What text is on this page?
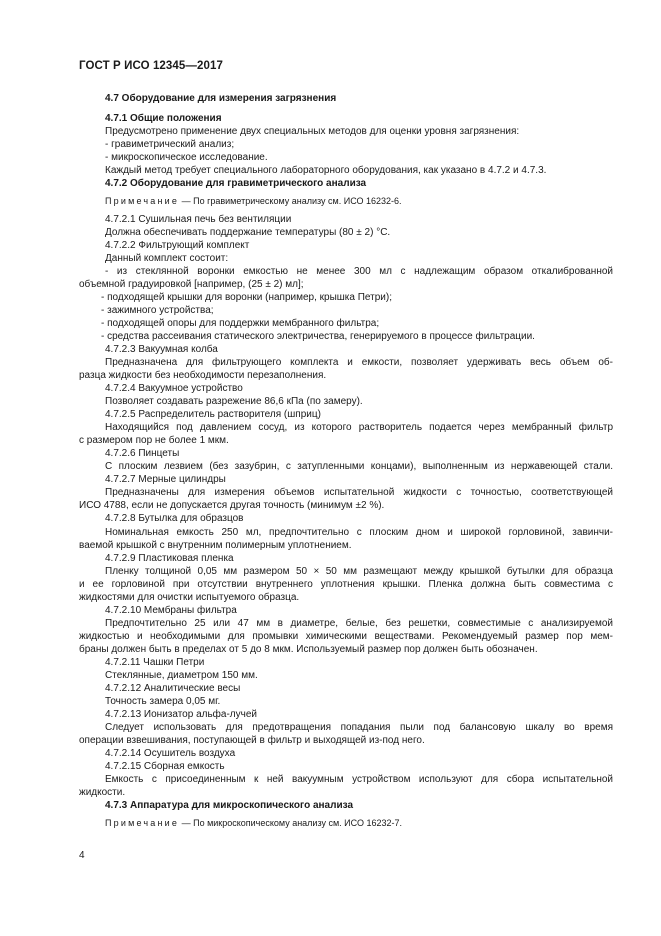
ГОСТ Р ИСО 12345—2017
4.7 Оборудование для измерения загрязнения
4.7.1 Общие положения
Предусмотрено применение двух специальных методов для оценки уровня загрязнения:
- гравиметрический анализ;
- микроскопическое исследование.
Каждый метод требует специального лабораторного оборудования, как указано в 4.7.2 и 4.7.3.
4.7.2 Оборудование для гравиметрического анализа
Примечание — По гравиметрическому анализу см. ИСО 16232-6.
4.7.2.1 Сушильная печь без вентиляции
Должна обеспечивать поддержание температуры (80 ± 2) °С.
4.7.2.2 Фильтрующий комплект
Данный комплект состоит:
- из стеклянной воронки емкостью не менее 300 мл с надлежащим образом откалиброванной
объемной градуировкой [например, (25 ± 2) мл];
- подходящей крышки для воронки (например, крышка Петри);
- зажимного устройства;
- подходящей опоры для поддержки мембранного фильтра;
- средства рассеивания статического электричества, генерируемого в процессе фильтрации.
4.7.2.3 Вакуумная колба
Предназначена для фильтрующего комплекта и емкости, позволяет удерживать весь объем об-
разца жидкости без необходимости перезаполнения.
4.7.2.4 Вакуумное устройство
Позволяет создавать разрежение 86,6 кПа (по замеру).
4.7.2.5 Распределитель растворителя (шприц)
Находящийся под давлением сосуд, из которого растворитель подается через мембранный фильтр
с размером пор не более 1 мкм.
4.7.2.6 Пинцеты
С плоским лезвием (без зазубрин, с затупленными концами), выполненным из нержавеющей стали.
4.7.2.7 Мерные цилиндры
Предназначены для измерения объемов испытательной жидкости с точностью, соответствующей
ИСО 4788, если не допускается другая точность (минимум ±2 %).
4.7.2.8 Бутылка для образцов
Номинальная емкость 250 мл, предпочтительно с плоским дном и широкой горловиной, завинчи-
ваемой крышкой с внутренним полимерным уплотнением.
4.7.2.9 Пластиковая пленка
Пленку толщиной 0,05 мм размером 50 × 50 мм размещают между крышкой бутылки для образца
и ее горловиной при отсутствии внутреннего уплотнения крышки. Пленка должна быть совместима с
жидкостями для очистки испытуемого образца.
4.7.2.10 Мембраны фильтра
Предпочтительно 25 или 47 мм в диаметре, белые, без решетки, совместимые с анализируемой
жидкостью и необходимыми для промывки химическими веществами. Рекомендуемый размер пор мем-
браны должен быть в пределах от 5 до 8 мкм. Используемый размер пор должен быть обозначен.
4.7.2.11 Чашки Петри
Стеклянные, диаметром 150 мм.
4.7.2.12 Аналитические весы
Точность замера 0,05 мг.
4.7.2.13 Ионизатор альфа-лучей
Следует использовать для предотвращения попадания пыли под балансовую шкалу во время
операции взвешивания, поступающей в фильтр и выходящей из-под него.
4.7.2.14 Осушитель воздуха
4.7.2.15 Сборная емкость
Емкость с присоединенным к ней вакуумным устройством используют для сбора испытательной
жидкости.
4.7.3 Аппаратура для микроскопического анализа
Примечание — По микроскопическому анализу см. ИСО 16232-7.
4
